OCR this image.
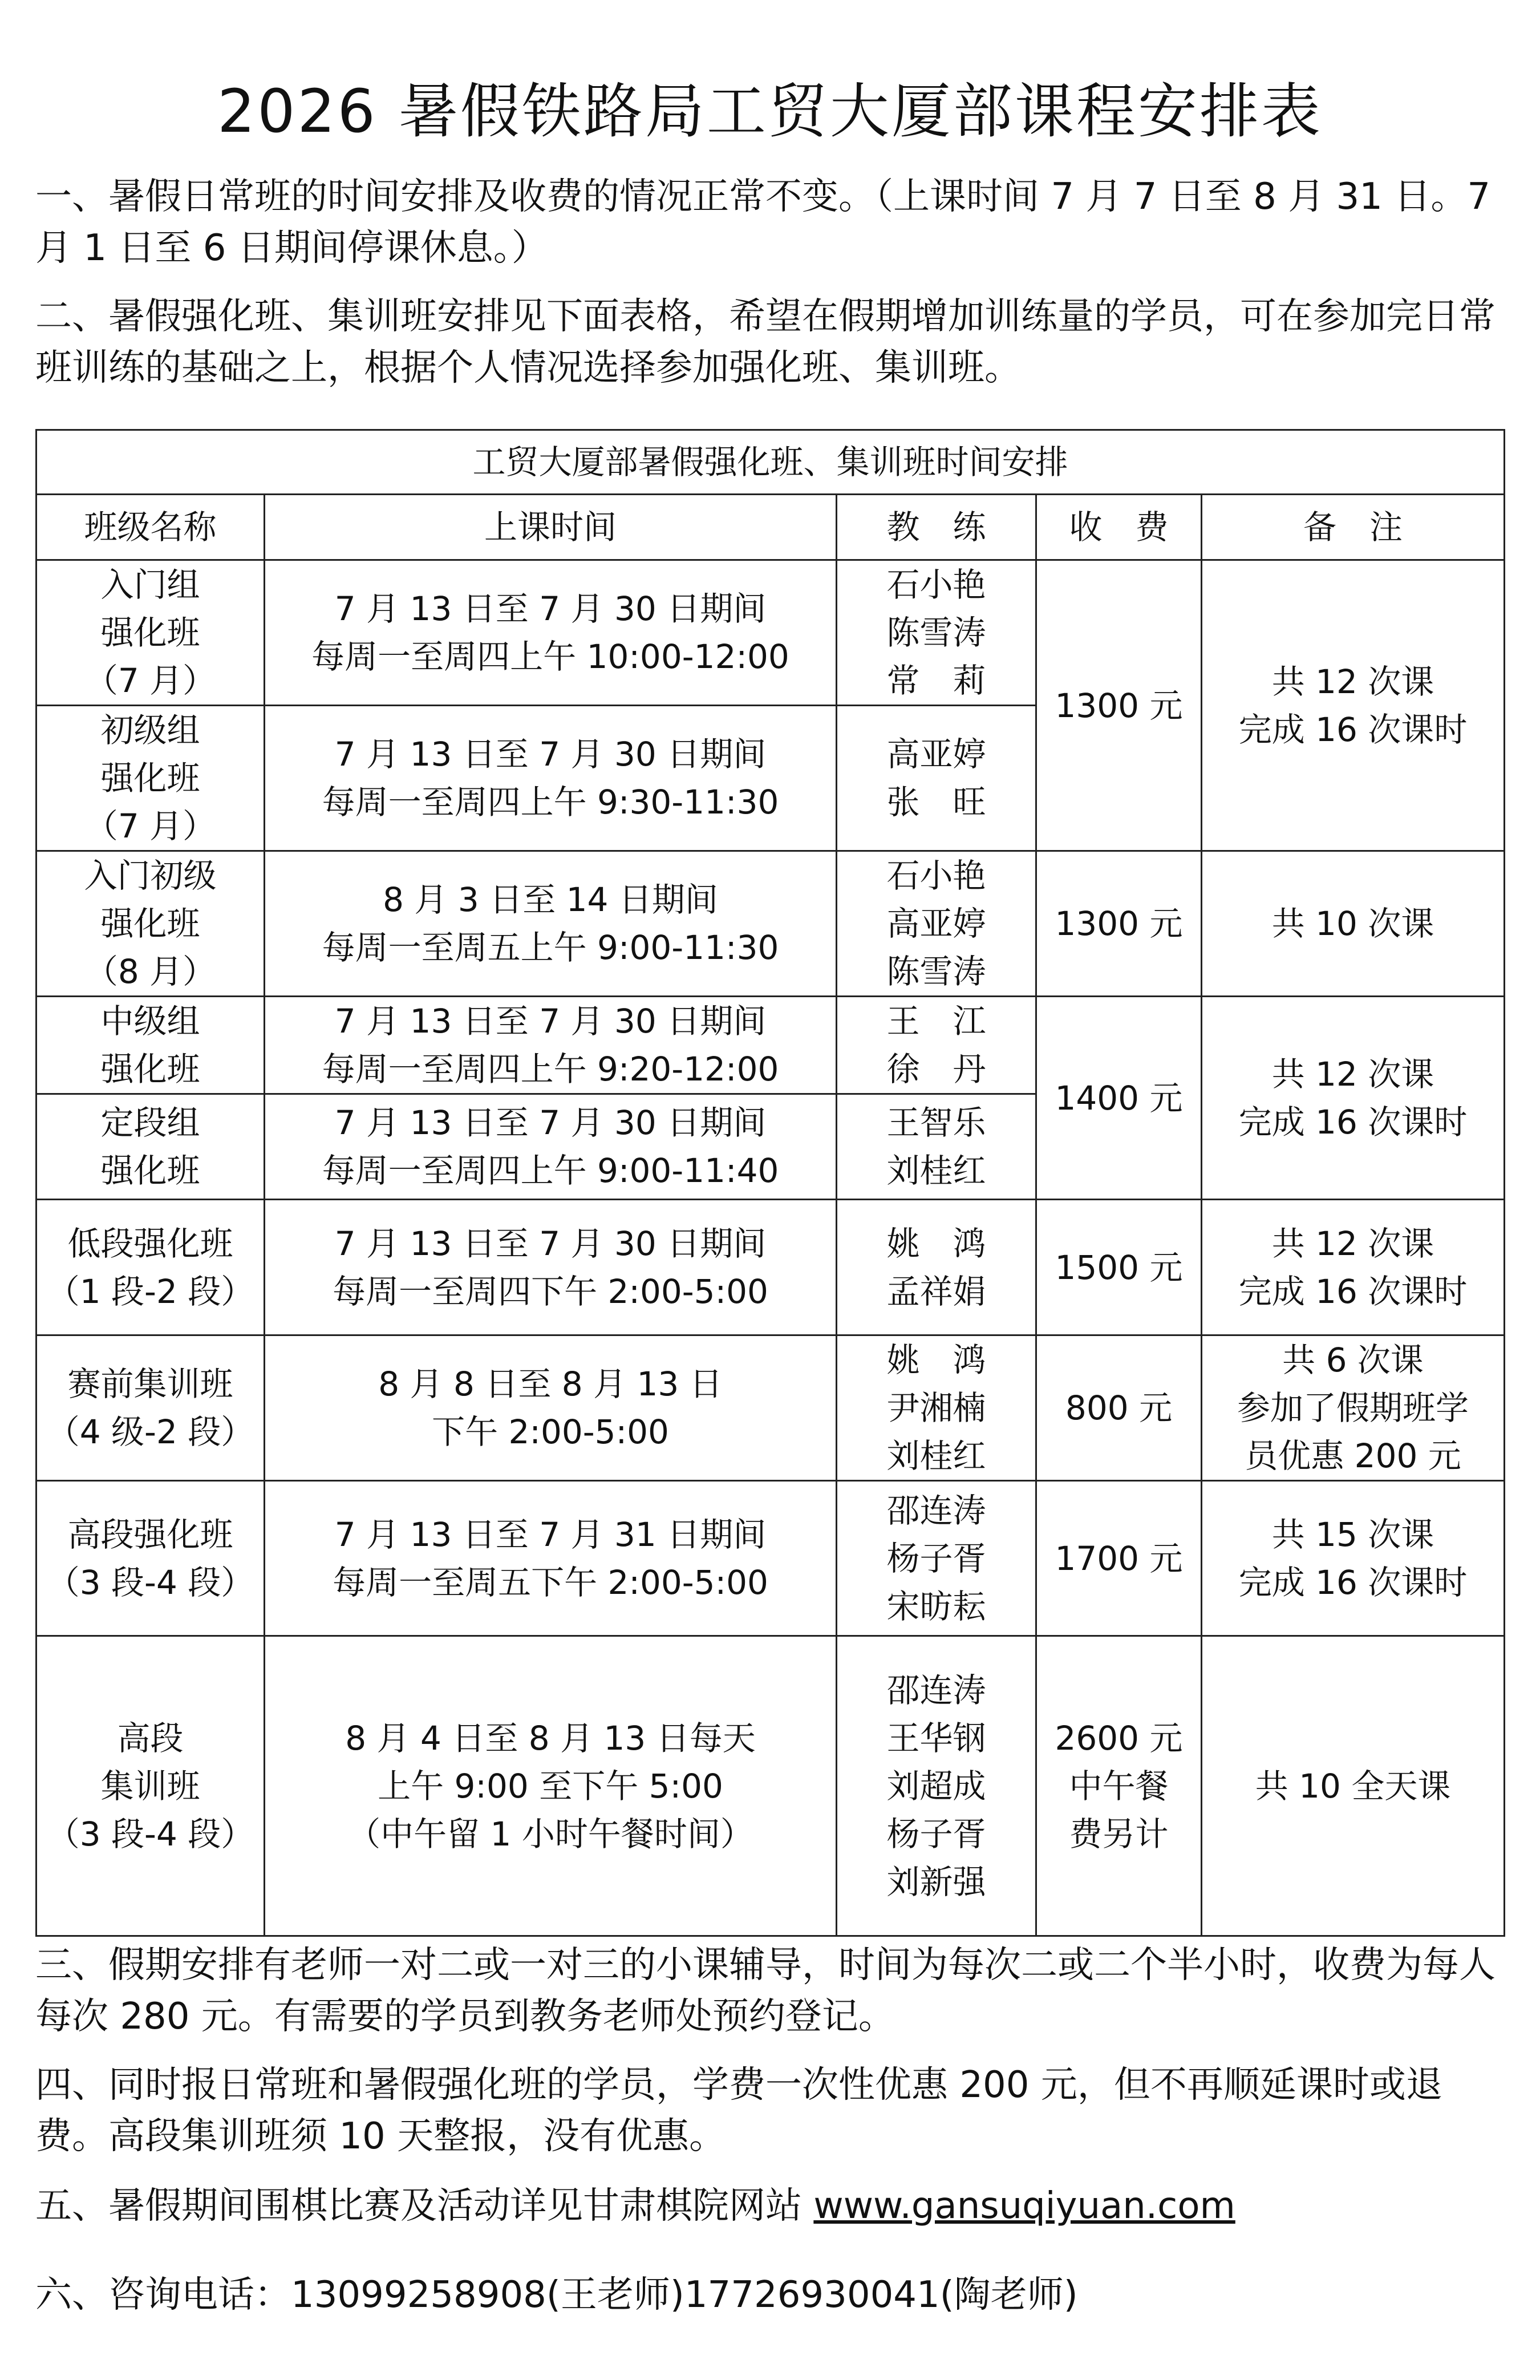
2026 暑假铁路局工贸大厦部课程安排表

一、暑假日常班的时间安排及收费的情况正常不变。（上课时间 7 月 7 日至 8 月 31 日。7 月 1 日至 6 日期间停课休息。）

二、暑假强化班、集训班安排见下面表格，希望在假期增加训练量的学员，可在参加完日常班训练的基础之上，根据个人情况选择参加强化班、集训班。

工贸大厦部暑假强化班、集训班时间安排				
班级名称	上课时间	教　练	收　费	备　注

入门组
强化班
（7 月）	7 月 13 日至 7 月 30 日期间
每周一至周四上午 10:00-12:00	石小艳
陈雪涛
常　莉	1300 元	共 12 次课
完成 16 次课时

初级组
强化班
（7 月）	7 月 13 日至 7 月 30 日期间
每周一至周四上午 9:30-11:30	高亚婷
张　旺		

入门初级
强化班
（8 月）	8 月 3 日至 14 日期间
每周一至周五上午 9:00-11:30	石小艳
高亚婷
陈雪涛	1300 元	共 10 次课

中级组
强化班	7 月 13 日至 7 月 30 日期间
每周一至周四上午 9:20-12:00	王　江
徐　丹	1400 元	共 12 次课
完成 16 次课时

定段组
强化班	7 月 13 日至 7 月 30 日期间
每周一至周四上午 9:00-11:40	王智乐
刘桂红		

低段强化班
（1 段-2 段）	7 月 13 日至 7 月 30 日期间
每周一至周四下午 2:00-5:00	姚　鸿
孟祥娟	1500 元	共 12 次课
完成 16 次课时

赛前集训班
（4 级-2 段）	8 月 8 日至 8 月 13 日
下午 2:00-5:00	姚　鸿
尹湘楠
刘桂红	800 元	共 6 次课
参加了假期班学
员优惠 200 元

高段强化班
（3 段-4 段）	7 月 13 日至 7 月 31 日期间
每周一至周五下午 2:00-5:00	邵连涛
杨子胥
宋昉耘	1700 元	共 15 次课
完成 16 次课时

高段
集训班
（3 段-4 段）	8 月 4 日至 8 月 13 日每天
上午 9:00 至下午 5:00
（中午留 1 小时午餐时间）	邵连涛
王华钢
刘超成
杨子胥
刘新强	2600 元
中午餐
费另计	共 10 全天课

三、假期安排有老师一对二或一对三的小课辅导，时间为每次二或二个半小时，收费为每人每次 280 元。有需要的学员到教务老师处预约登记。

四、同时报日常班和暑假强化班的学员，学费一次性优惠 200 元，但不再顺延课时或退费。高段集训班须 10 天整报，没有优惠。

五、暑假期间围棋比赛及活动详见甘肃棋院网站 www.gansuqiyuan.com

六、咨询电话：13099258908(王老师)17726930041(陶老师)
